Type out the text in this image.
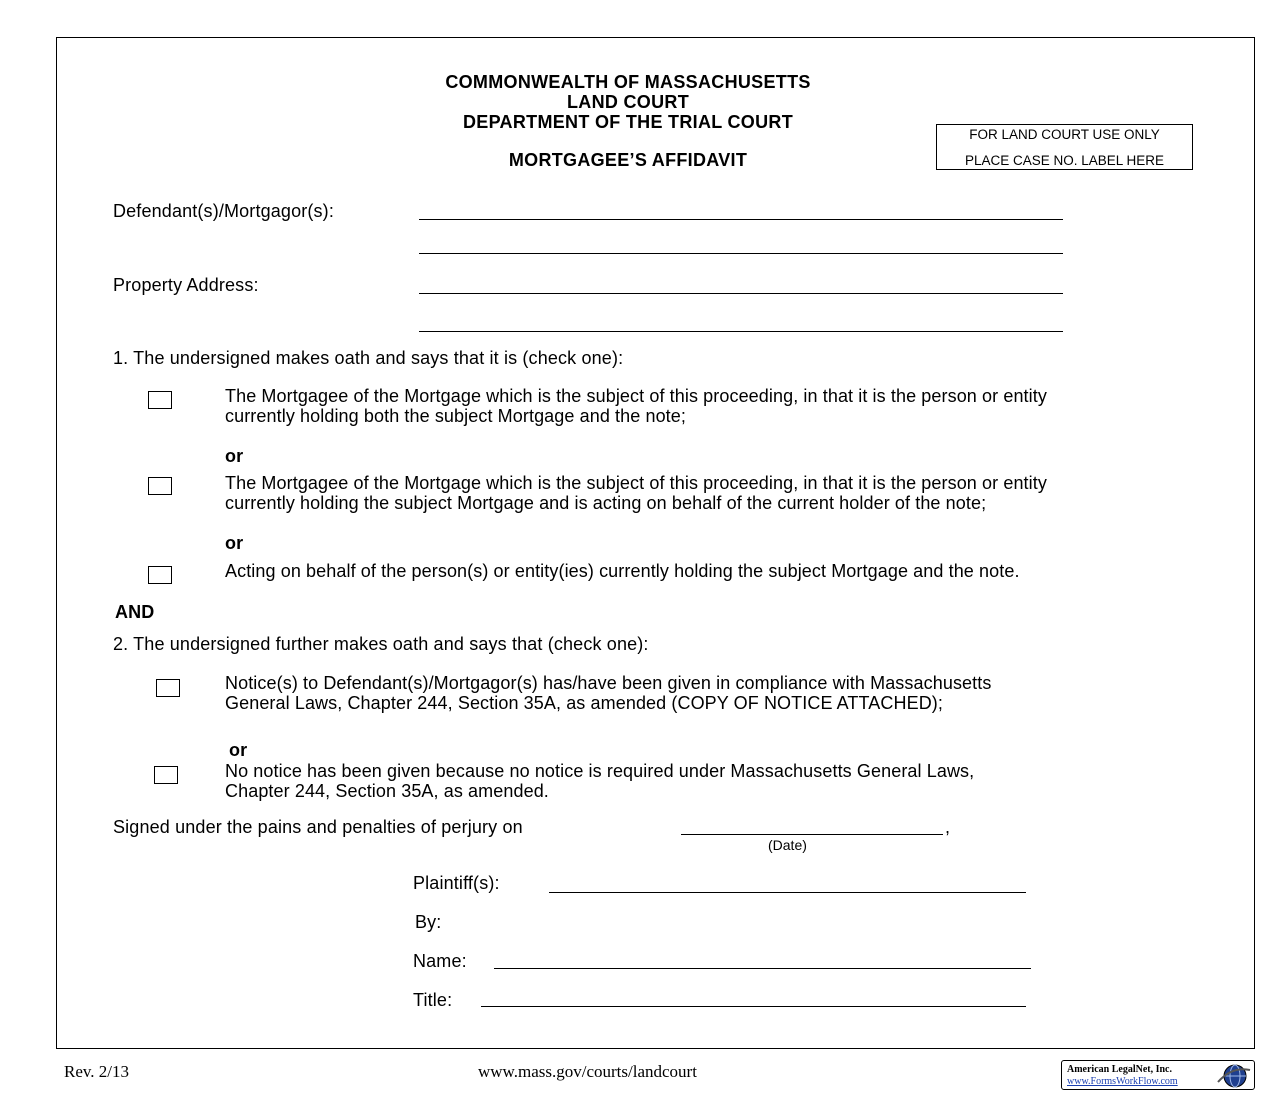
COMMONWEALTH OF MASSACHUSETTS
LAND COURT
DEPARTMENT OF THE TRIAL COURT
MORTGAGEE’S AFFIDAVIT
FOR LAND COURT USE ONLY
PLACE CASE NO. LABEL HERE
Defendant(s)/Mortgagor(s):
Property Address:
1. The undersigned makes oath and says that it is (check one):
The Mortgagee of the Mortgage which is the subject of this proceeding, in that it is the person or entity currently holding both the subject Mortgage and the note;
or
The Mortgagee of the Mortgage which is the subject of this proceeding, in that it is the person or entity currently holding the subject Mortgage and is acting on behalf of the current holder of the note;
or
Acting on behalf of the person(s) or entity(ies) currently holding the subject Mortgage and the note.
AND
2. The undersigned further makes oath and says that (check one):
Notice(s) to Defendant(s)/Mortgagor(s) has/have been given in compliance with Massachusetts General Laws, Chapter 244, Section 35A, as amended (COPY OF NOTICE ATTACHED);
or
No notice has been given because no notice is required under Massachusetts General Laws, Chapter 244, Section 35A, as amended.
Signed under the pains and penalties of perjury on	,
(Date)
Plaintiff(s):
By:
Name:
Title:
Rev. 2/13	www.mass.gov/courts/landcourt	American LegalNet, Inc.
www.FormsWorkFlow.com
